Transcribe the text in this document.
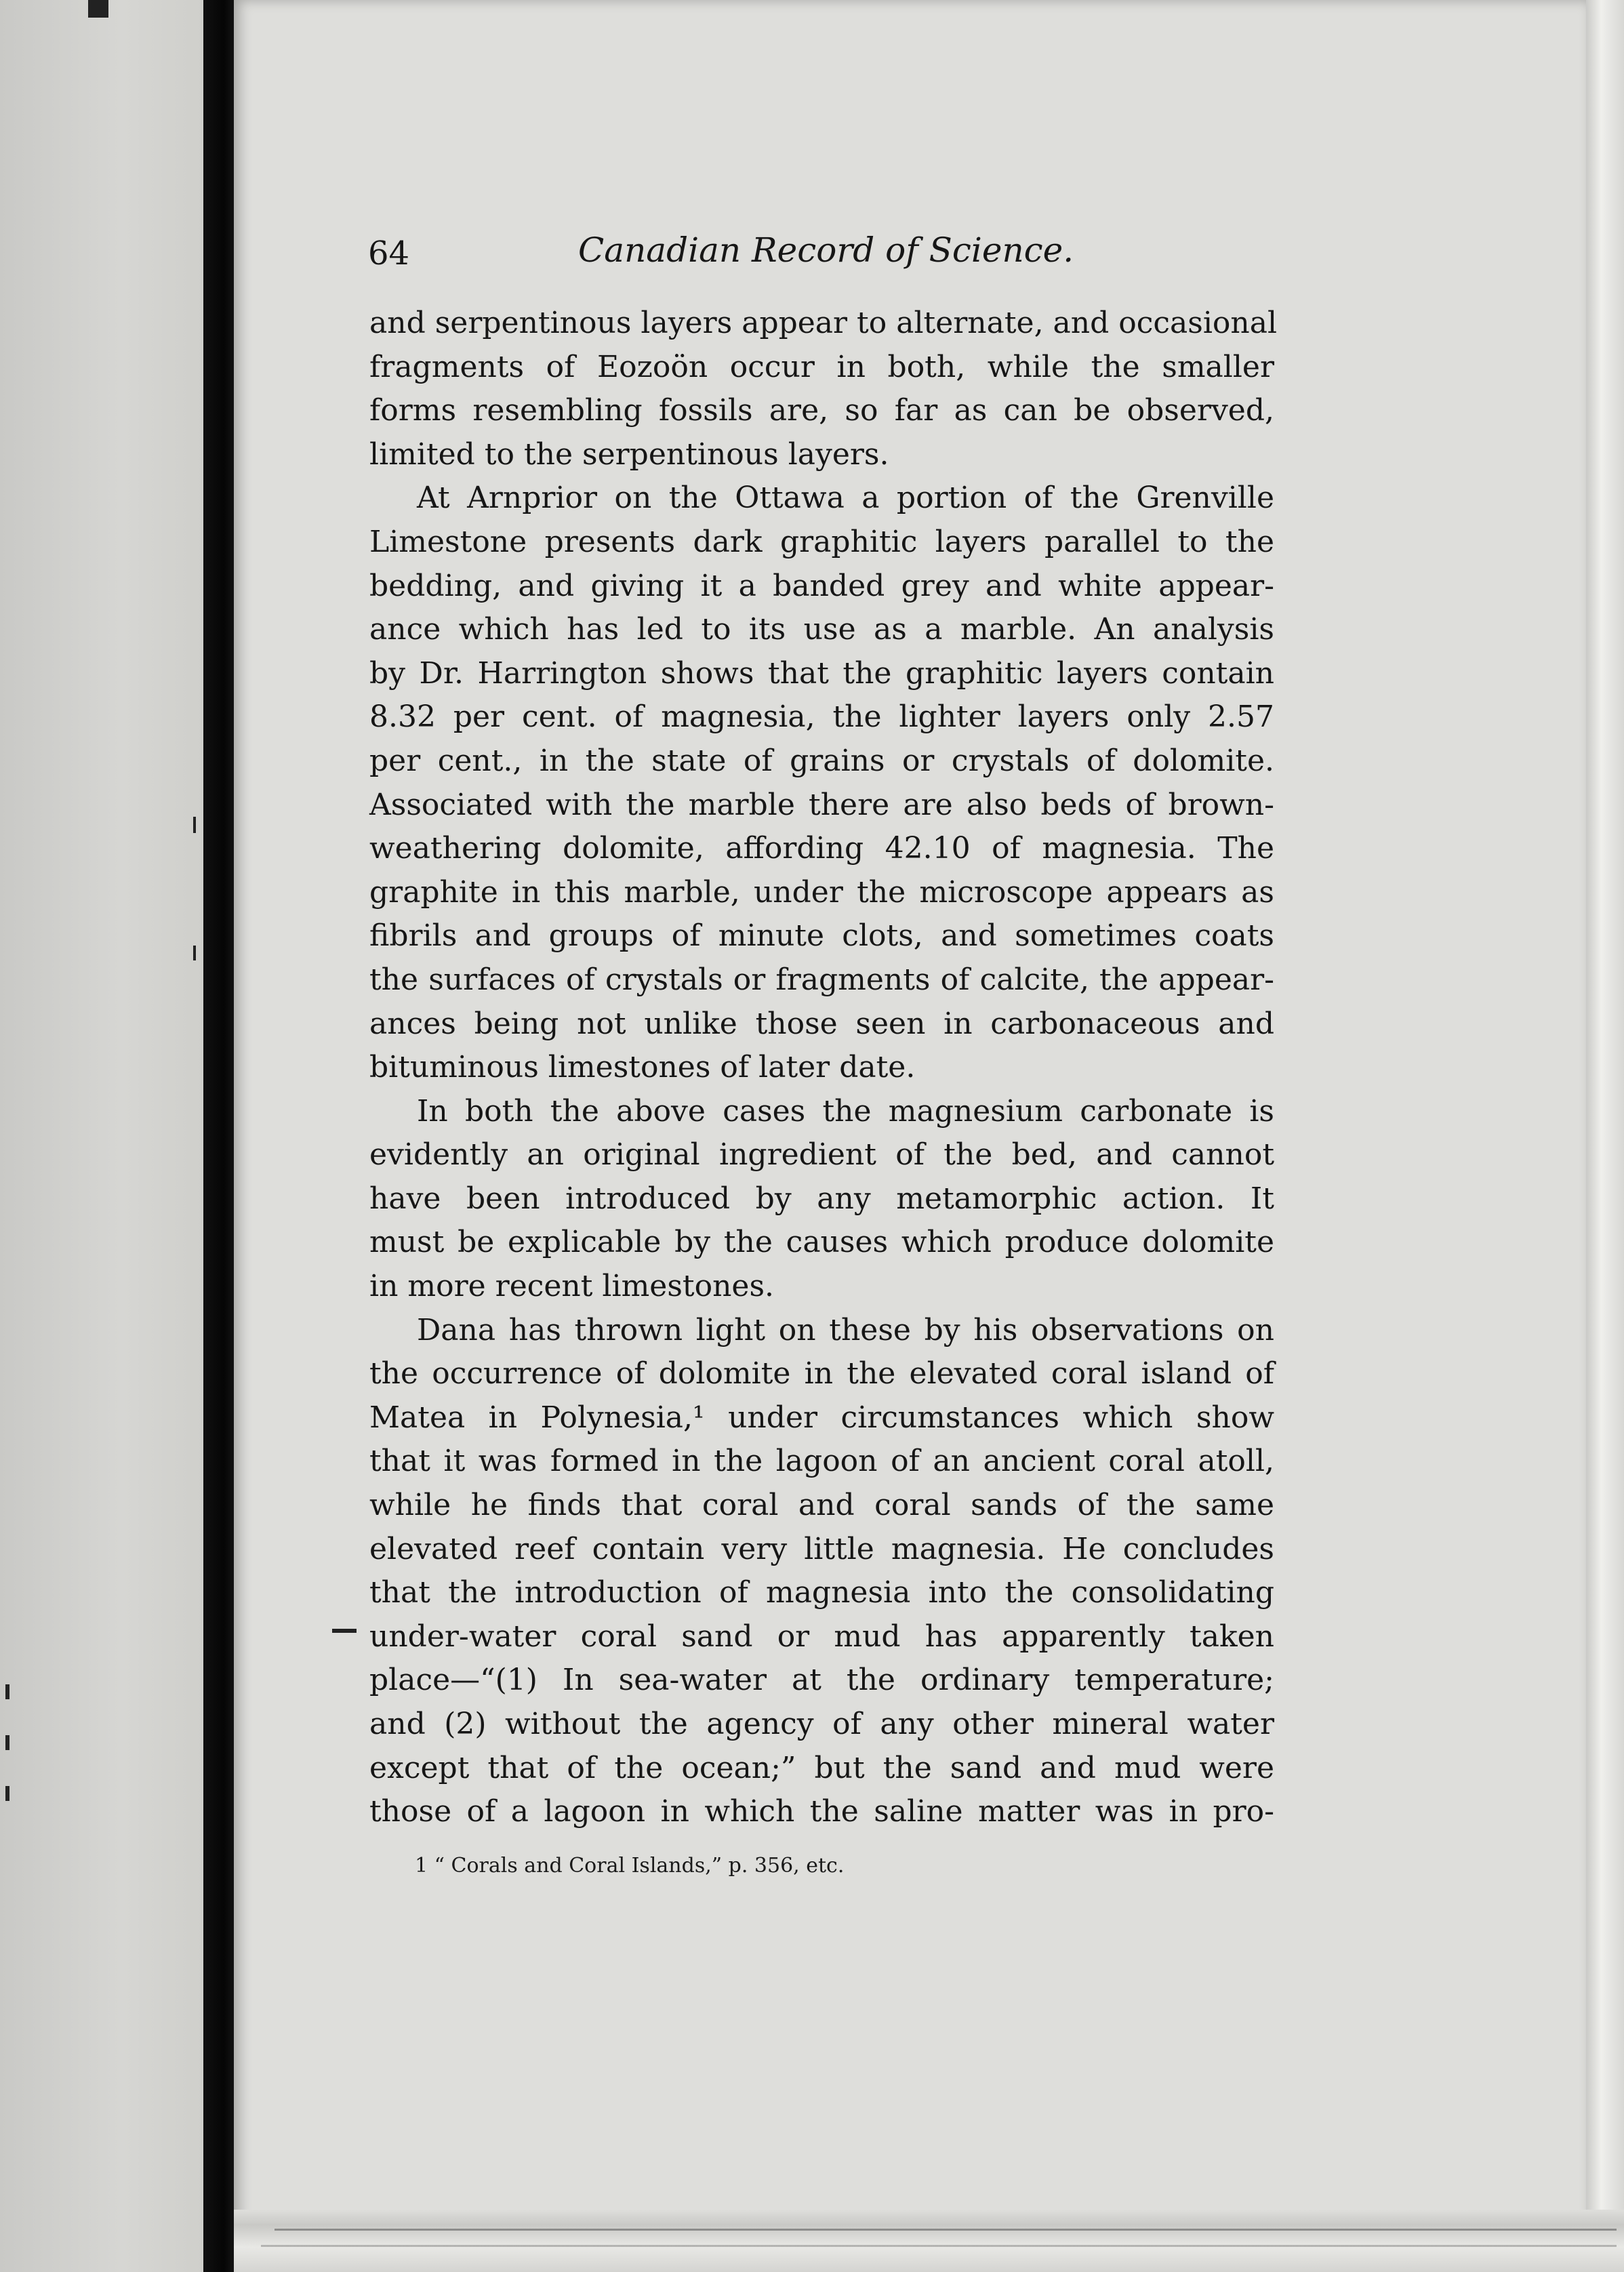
64	Canadian Record of Science.
and serpentinous layers appear to alternate, and occasional
fragments of Eozoön occur in both, while the smaller
forms resembling fossils are, so far as can be observed,
limited to the serpentinous layers.
At Arnprior on the Ottawa a portion of the Grenville
Limestone presents dark graphitic layers parallel to the
bedding, and giving it a banded grey and white appear-
ance which has led to its use as a marble. An analysis
by Dr. Harrington shows that the graphitic layers contain
8.32 per cent. of magnesia, the lighter layers only 2.57
per cent., in the state of grains or crystals of dolomite.
Associated with the marble there are also beds of brown-
weathering dolomite, affording 42.10 of magnesia. The
graphite in this marble, under the microscope appears as
fibrils and groups of minute clots, and sometimes coats
the surfaces of crystals or fragments of calcite, the appear-
ances being not unlike those seen in carbonaceous and
bituminous limestones of later date.
In both the above cases the magnesium carbonate is
evidently an original ingredient of the bed, and cannot
have been introduced by any metamorphic action. It
must be explicable by the causes which produce dolomite
in more recent limestones.
Dana has thrown light on these by his observations on
the occurrence of dolomite in the elevated coral island of
Matea in Polynesia,¹ under circumstances which show
that it was formed in the lagoon of an ancient coral atoll,
while he finds that coral and coral sands of the same
elevated reef contain very little magnesia. He concludes
that the introduction of magnesia into the consolidating
under-water coral sand or mud has apparently taken
place—“(1) In sea-water at the ordinary temperature;
and (2) without the agency of any other mineral water
except that of the ocean;” but the sand and mud were
those of a lagoon in which the saline matter was in pro-
1 “ Corals and Coral Islands,” p. 356, etc.
